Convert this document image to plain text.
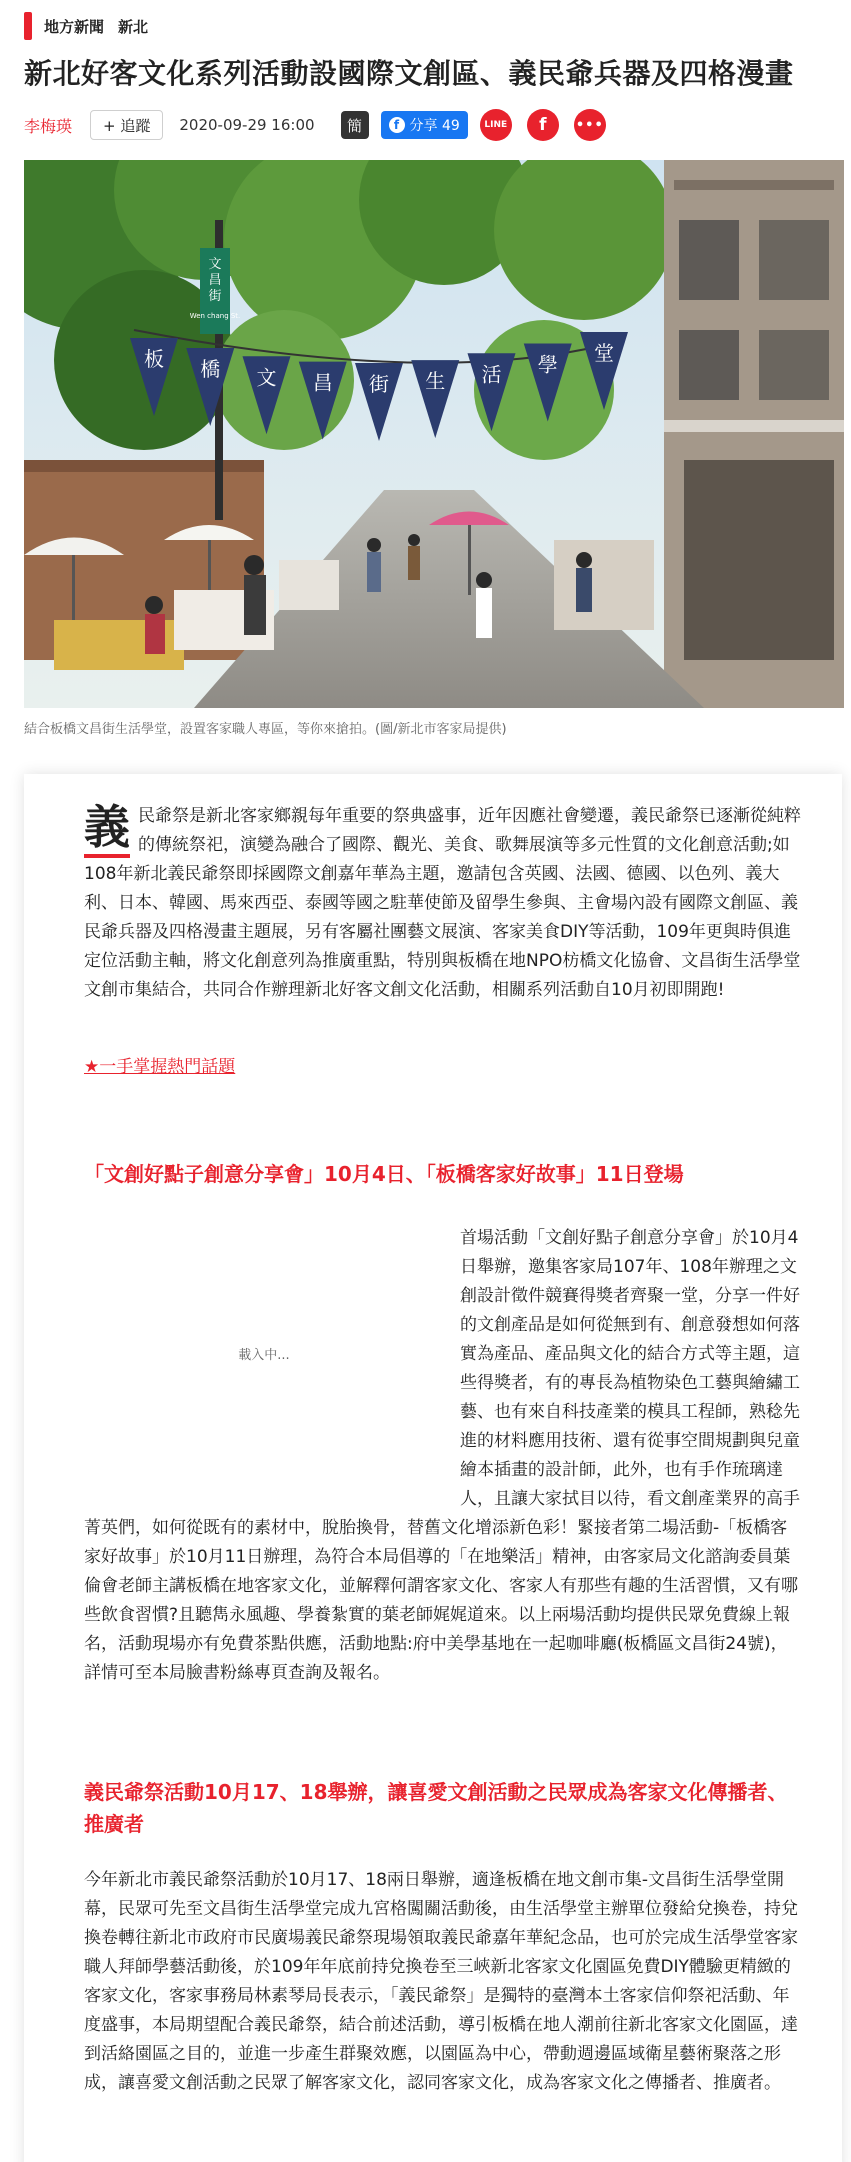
地方新聞 新北
新北好客文化系列活動設國際文創區、義民爺兵器及四格漫畫
李梅瑛	+ 追蹤	2020-09-29 16:00	簡	f 分享 49	LINE	f	•••
文
昌
街
Wen chang St.
板 橋 文 昌 街 生 活 學 堂

結合板橋文昌街生活學堂，設置客家職人專區，等你來搶拍。(圖/新北市客家局提供)

義 民爺祭是新北客家鄉親每年重要的祭典盛事，近年因應社會變遷，義民爺祭已逐漸從純粹的傳統祭祀，演變為融合了國際、觀光、美食、歌舞展演等多元性質的文化創意活動;如108年新北義民爺祭即採國際文創嘉年華為主題，邀請包含英國、法國、德國、以色列、義大利、日本、韓國、馬來西亞、泰國等國之駐華使節及留學生參與、主會場內設有國際文創區、義民爺兵器及四格漫畫主題展，另有客屬社團藝文展演、客家美食DIY等活動，109年更與時俱進定位活動主軸，將文化創意列為推廣重點，特別與板橋在地NPO枋橋文化協會、文昌街生活學堂文創市集結合，共同合作辦理新北好客文創文化活動，相關系列活動自10月初即開跑!
★一手掌握熱門話題
「文創好點子創意分享會」10月4日、「板橋客家好故事」11日登場
載入中...
首場活動「文創好點子創意分享會」於10月4日舉辦，邀集客家局107年、108年辦理之文創設計徵件競賽得獎者齊聚一堂，分享一件好的文創產品是如何從無到有、創意發想如何落實為產品、產品與文化的結合方式等主題，這些得獎者，有的專長為植物染色工藝與繪繡工藝、也有來自科技產業的模具工程師，熟稔先進的材料應用技術、還有從事空間規劃與兒童繪本插畫的設計師，此外，也有手作琉璃達人，且讓大家拭目以待，看文創產業界的高手菁英們，如何從既有的素材中，脫胎換骨，替舊文化增添新色彩！緊接者第二場活動-「板橋客家好故事」於10月11日辦理，為符合本局倡導的「在地樂活」精神，由客家局文化諮詢委員葉倫會老師主講板橋在地客家文化，並解釋何謂客家文化、客家人有那些有趣的生活習慣，又有哪些飲食習慣?且聽雋永風趣、學養紮實的葉老師娓娓道來。以上兩場活動均提供民眾免費線上報名，活動現場亦有免費茶點供應，活動地點:府中美學基地在一起咖啡廳(板橋區文昌街24號)，詳情可至本局臉書粉絲專頁查詢及報名。
義民爺祭活動10月17、18舉辦，讓喜愛文創活動之民眾成為客家文化傳播者、推廣者
今年新北市義民爺祭活動於10月17、18兩日舉辦，適逢板橋在地文創市集-文昌街生活學堂開幕，民眾可先至文昌街生活學堂完成九宮格闖關活動後，由生活學堂主辦單位發給兌換卷，持兌換卷轉往新北市政府市民廣場義民爺祭現場領取義民爺嘉年華紀念品，也可於完成生活學堂客家職人拜師學藝活動後，於109年年底前持兌換卷至三峽新北客家文化園區免費DIY體驗更精緻的客家文化，客家事務局林素琴局長表示，「義民爺祭」是獨特的臺灣本土客家信仰祭祀活動、年度盛事，本局期望配合義民爺祭，結合前述活動，導引板橋在地人潮前往新北客家文化園區，達到活絡園區之目的，並進一步產生群聚效應，以園區為中心，帶動週邊區域衛星藝術聚落之形成，讓喜愛文創活動之民眾了解客家文化，認同客家文化，成為客家文化之傳播者、推廣者。
